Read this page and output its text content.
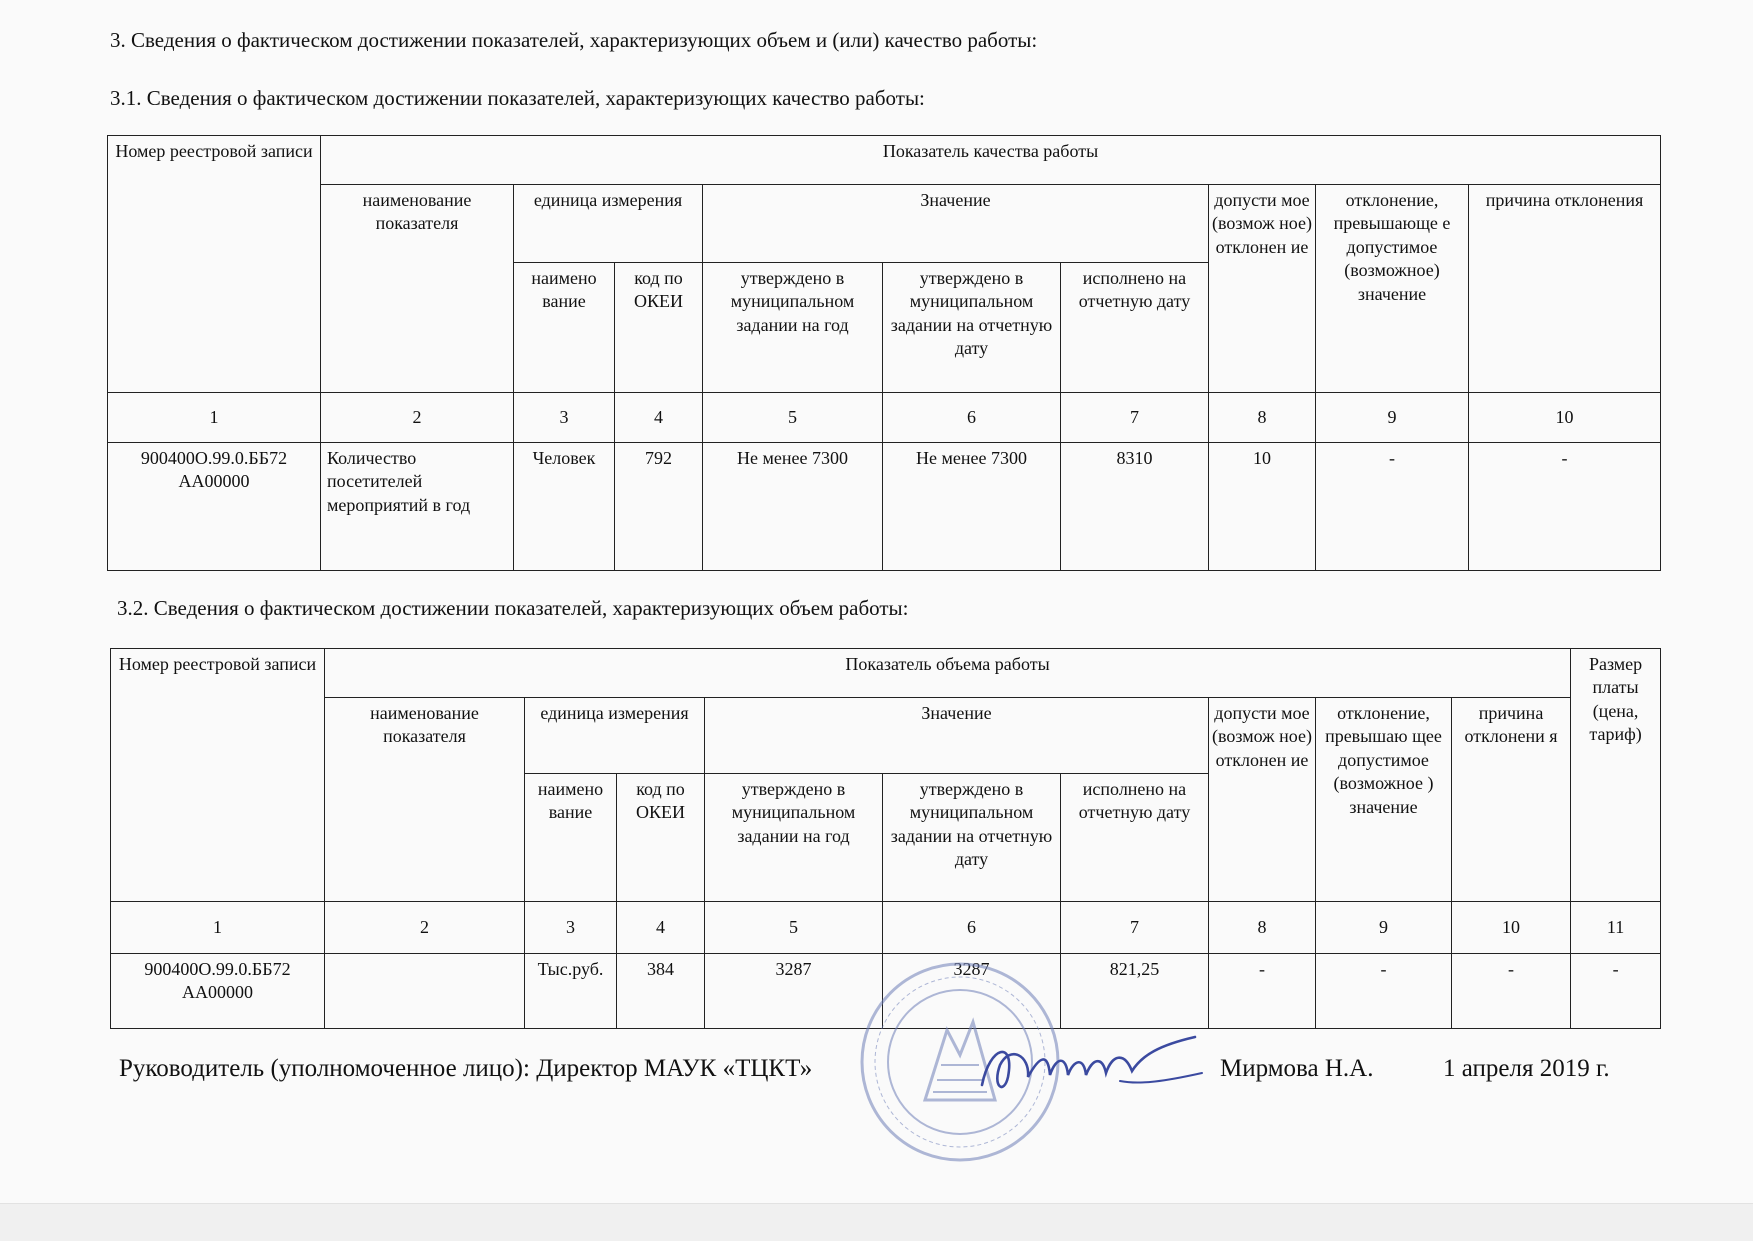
3. Сведения о фактическом достижении показателей, характеризующих объем и (или) качество работы:
3.1. Сведения о фактическом достижении показателей, характеризующих качество работы:
Номер реестровой записи	Показатель качества работы								
	наименование показателя	единица измерения		Значение			допусти мое (возмож ное) отклонен ие	отклонение, превышающе е допустимое (возможное) значение	причина отклонения
		наимено вание	код по ОКЕИ	утверждено в муниципальном задании на год	утверждено в муниципальном задании на отчетную дату	исполнено на отчетную дату			
1	2	3	4	5	6	7	8	9	10
900400О.99.0.ББ72 АА00000	Количество посетителей мероприятий в год	Человек	792	Не менее 7300	Не менее 7300	8310	10	-	-
3.2. Сведения о фактическом достижении показателей, характеризующих объем работы:
Номер реестровой записи	Показатель объема работы									Размер платы (цена, тариф)
	наименование показателя	единица измерения		Значение			допусти мое (возмож ное) отклонен ие	отклонение, превышаю щее допустимое (возможное ) значение	причина отклонени я	
		наимено вание	код по ОКЕИ	утверждено в муниципальном задании на год	утверждено в муниципальном задании на отчетную дату	исполнено на отчетную дату				
1	2	3	4	5	6	7	8	9	10	11
900400О.99.0.ББ72 АА00000		Тыс.руб.	384	3287	3287	821,25	-	-	-	-
Руководитель (уполномоченное лицо): Директор МАУК «ТЦКТ»	Мирмова Н.А.	1 апреля 2019 г.
